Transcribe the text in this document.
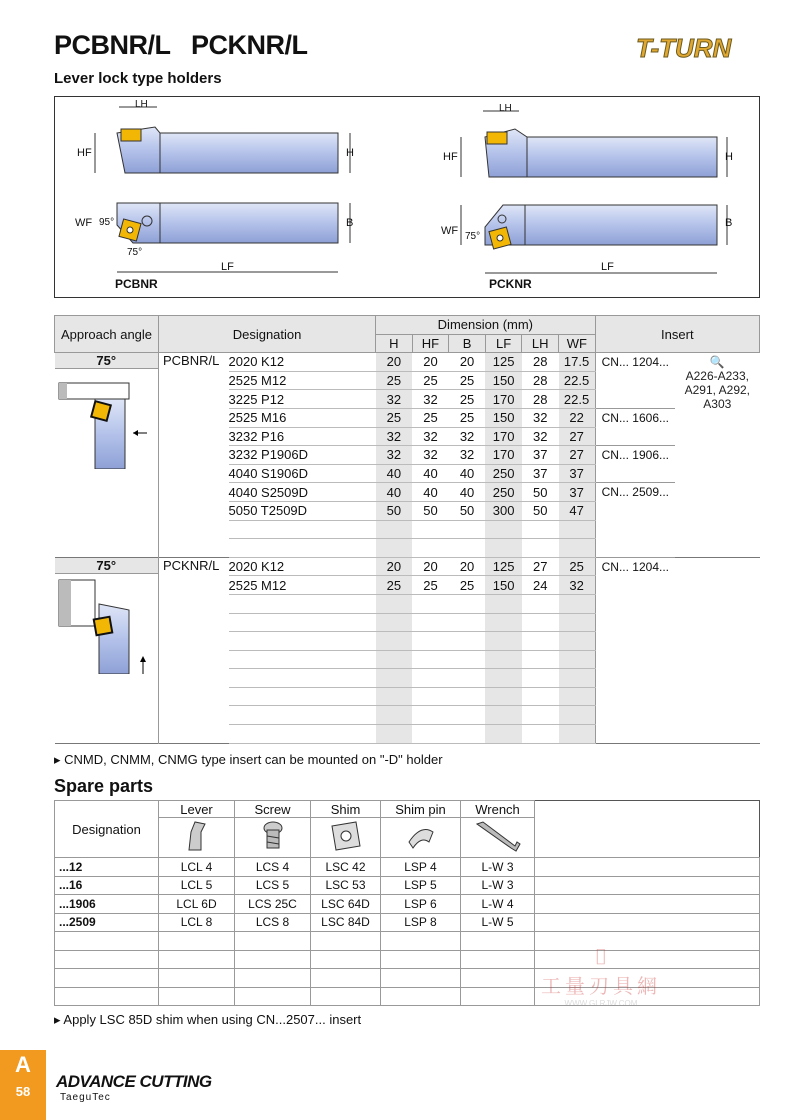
PCBNR/L   PCKNR/L
Lever lock type holders
T-TURN
LH
HF	H
WF 95°
75°
B
LF
PCBNR
LH
HF	H
WF 75°
B
LF
PCKNR
Approach angle	Designation		Dimension (mm)						Insert	
			H	HF	B	LF	LH	WF		

75°	PCBNR/L	2020 K12	20	20	20	125	28	17.5	CN... 1204...	🔍
A226-A233,
A291, A292,
A303

		2525 M12	25	25	25	150	28	22.5		
		3225 P12	32	32	25	170	28	22.5		
		2525 M16	25	25	25	150	32	22	CN... 1606...	
		3232 P16	32	32	32	170	32	27		
		3232 P1906D	32	32	32	170	37	27	CN... 1906...	
		4040 S1906D	40	40	40	250	37	37		
		4040 S2509D	40	40	40	250	50	37	CN... 2509...	
		5050 T2509D	50	50	50	300	50	47		

75°	PCKNR/L	2020 K12	20	20	20	125	27	25	CN... 1204...	
		2525 M12	25	25	25	150	24	32		

▸ CNMD, CNMM, CNMG type insert can be mounted on "-D" holder
Spare parts
Designation	Lever	Screw	Shim	Shim pin	Wrench	

...12	LCL 4	LCS 4	LSC 42	LSP 4	L-W 3	
...16	LCL 5	LCS 5	LSC 53	LSP 5	L-W 3	
...1906	LCL 6D	LCS 25C	LSC 64D	LSP 6	L-W 4	
...2509	LCL 8	LCS 8	LSC 84D	LSP 8	L-W 5	

▸ Apply LSC 85D shim when using CN...2507... insert
⌷
工量刃具網
WWW.GLRJW.COM
A
58
ADVANCE CUTTING
TaeguTec
